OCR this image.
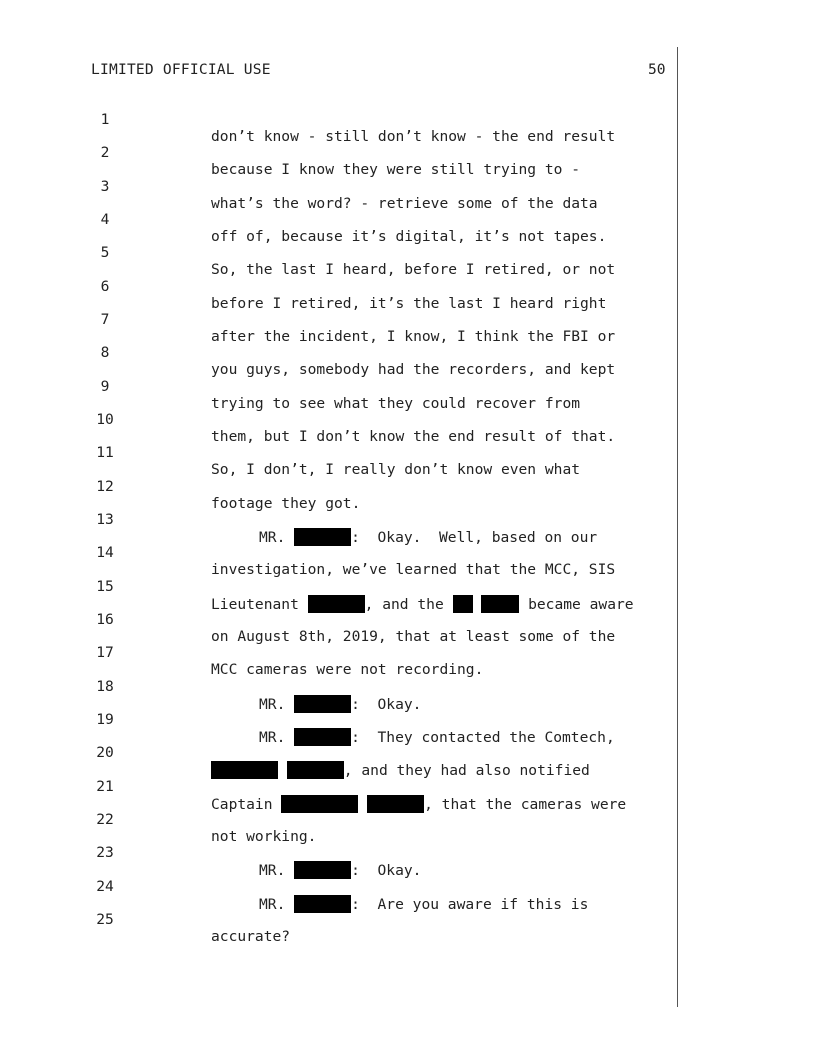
LIMITED OFFICIAL USE	50

1

don’t know - still don’t know - the end result

2

because I know they were still trying to -

3

what’s the word? - retrieve some of the data

4

off of, because it’s digital, it’s not tapes.

5

So, the last I heard, before I retired, or not

6

before I retired, it’s the last I heard right

7

after the incident, I know, I think the FBI or

8

you guys, somebody had the recorders, and kept

9

trying to see what they could recover from

10

them, but I don’t know the end result of that.

11

So, I don’t, I really don’t know even what

12

footage they got.

13

MR.	:  Okay.  Well, based on our

14

investigation, we’ve learned that the MCC, SIS

15

Lieutenant	, and the	became aware

16

on August 8th, 2019, that at least some of the

17

MCC cameras were not recording.

18

MR.	:  Okay.

19

MR.	:  They contacted the Comtech,

20

, and they had also notified

21

Captain	, that the cameras were

22

not working.

23

MR.	:  Okay.

24

MR.	:  Are you aware if this is

25

accurate?
